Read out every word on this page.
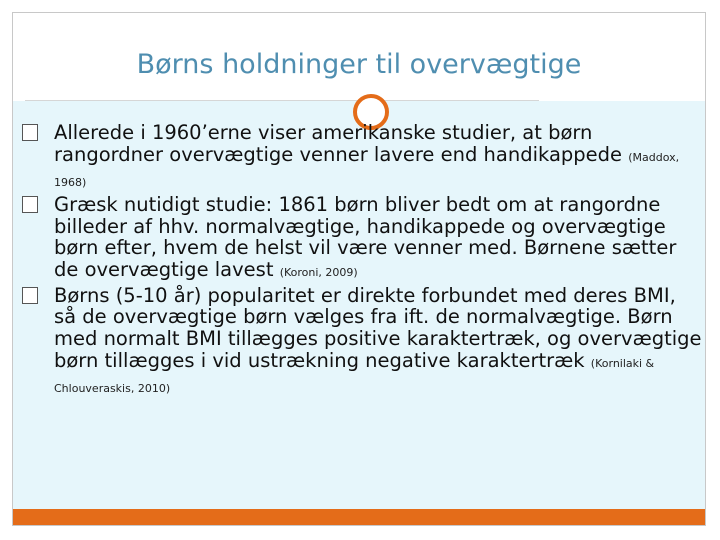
Børns holdninger til overvægtige
Allerede i 1960’erne viser amerikanske studier, at børn rangordner overvægtige venner lavere end handikappede (Maddox, 1968)
Græsk nutidigt studie: 1861 børn bliver bedt om at rangordne billeder af hhv. normalvægtige, handikappede og overvægtige børn efter, hvem de helst vil være venner med. Børnene sætter de overvægtige lavest (Koroni, 2009)
Børns (5-10 år) popularitet er direkte forbundet med deres BMI, så de overvægtige børn vælges fra ift. de normalvægtige. Børn med normalt BMI tillægges positive karaktertræk, og overvægtige børn tillægges i vid ustrækning negative karaktertræk (Kornilaki & Chlouveraskis, 2010)
